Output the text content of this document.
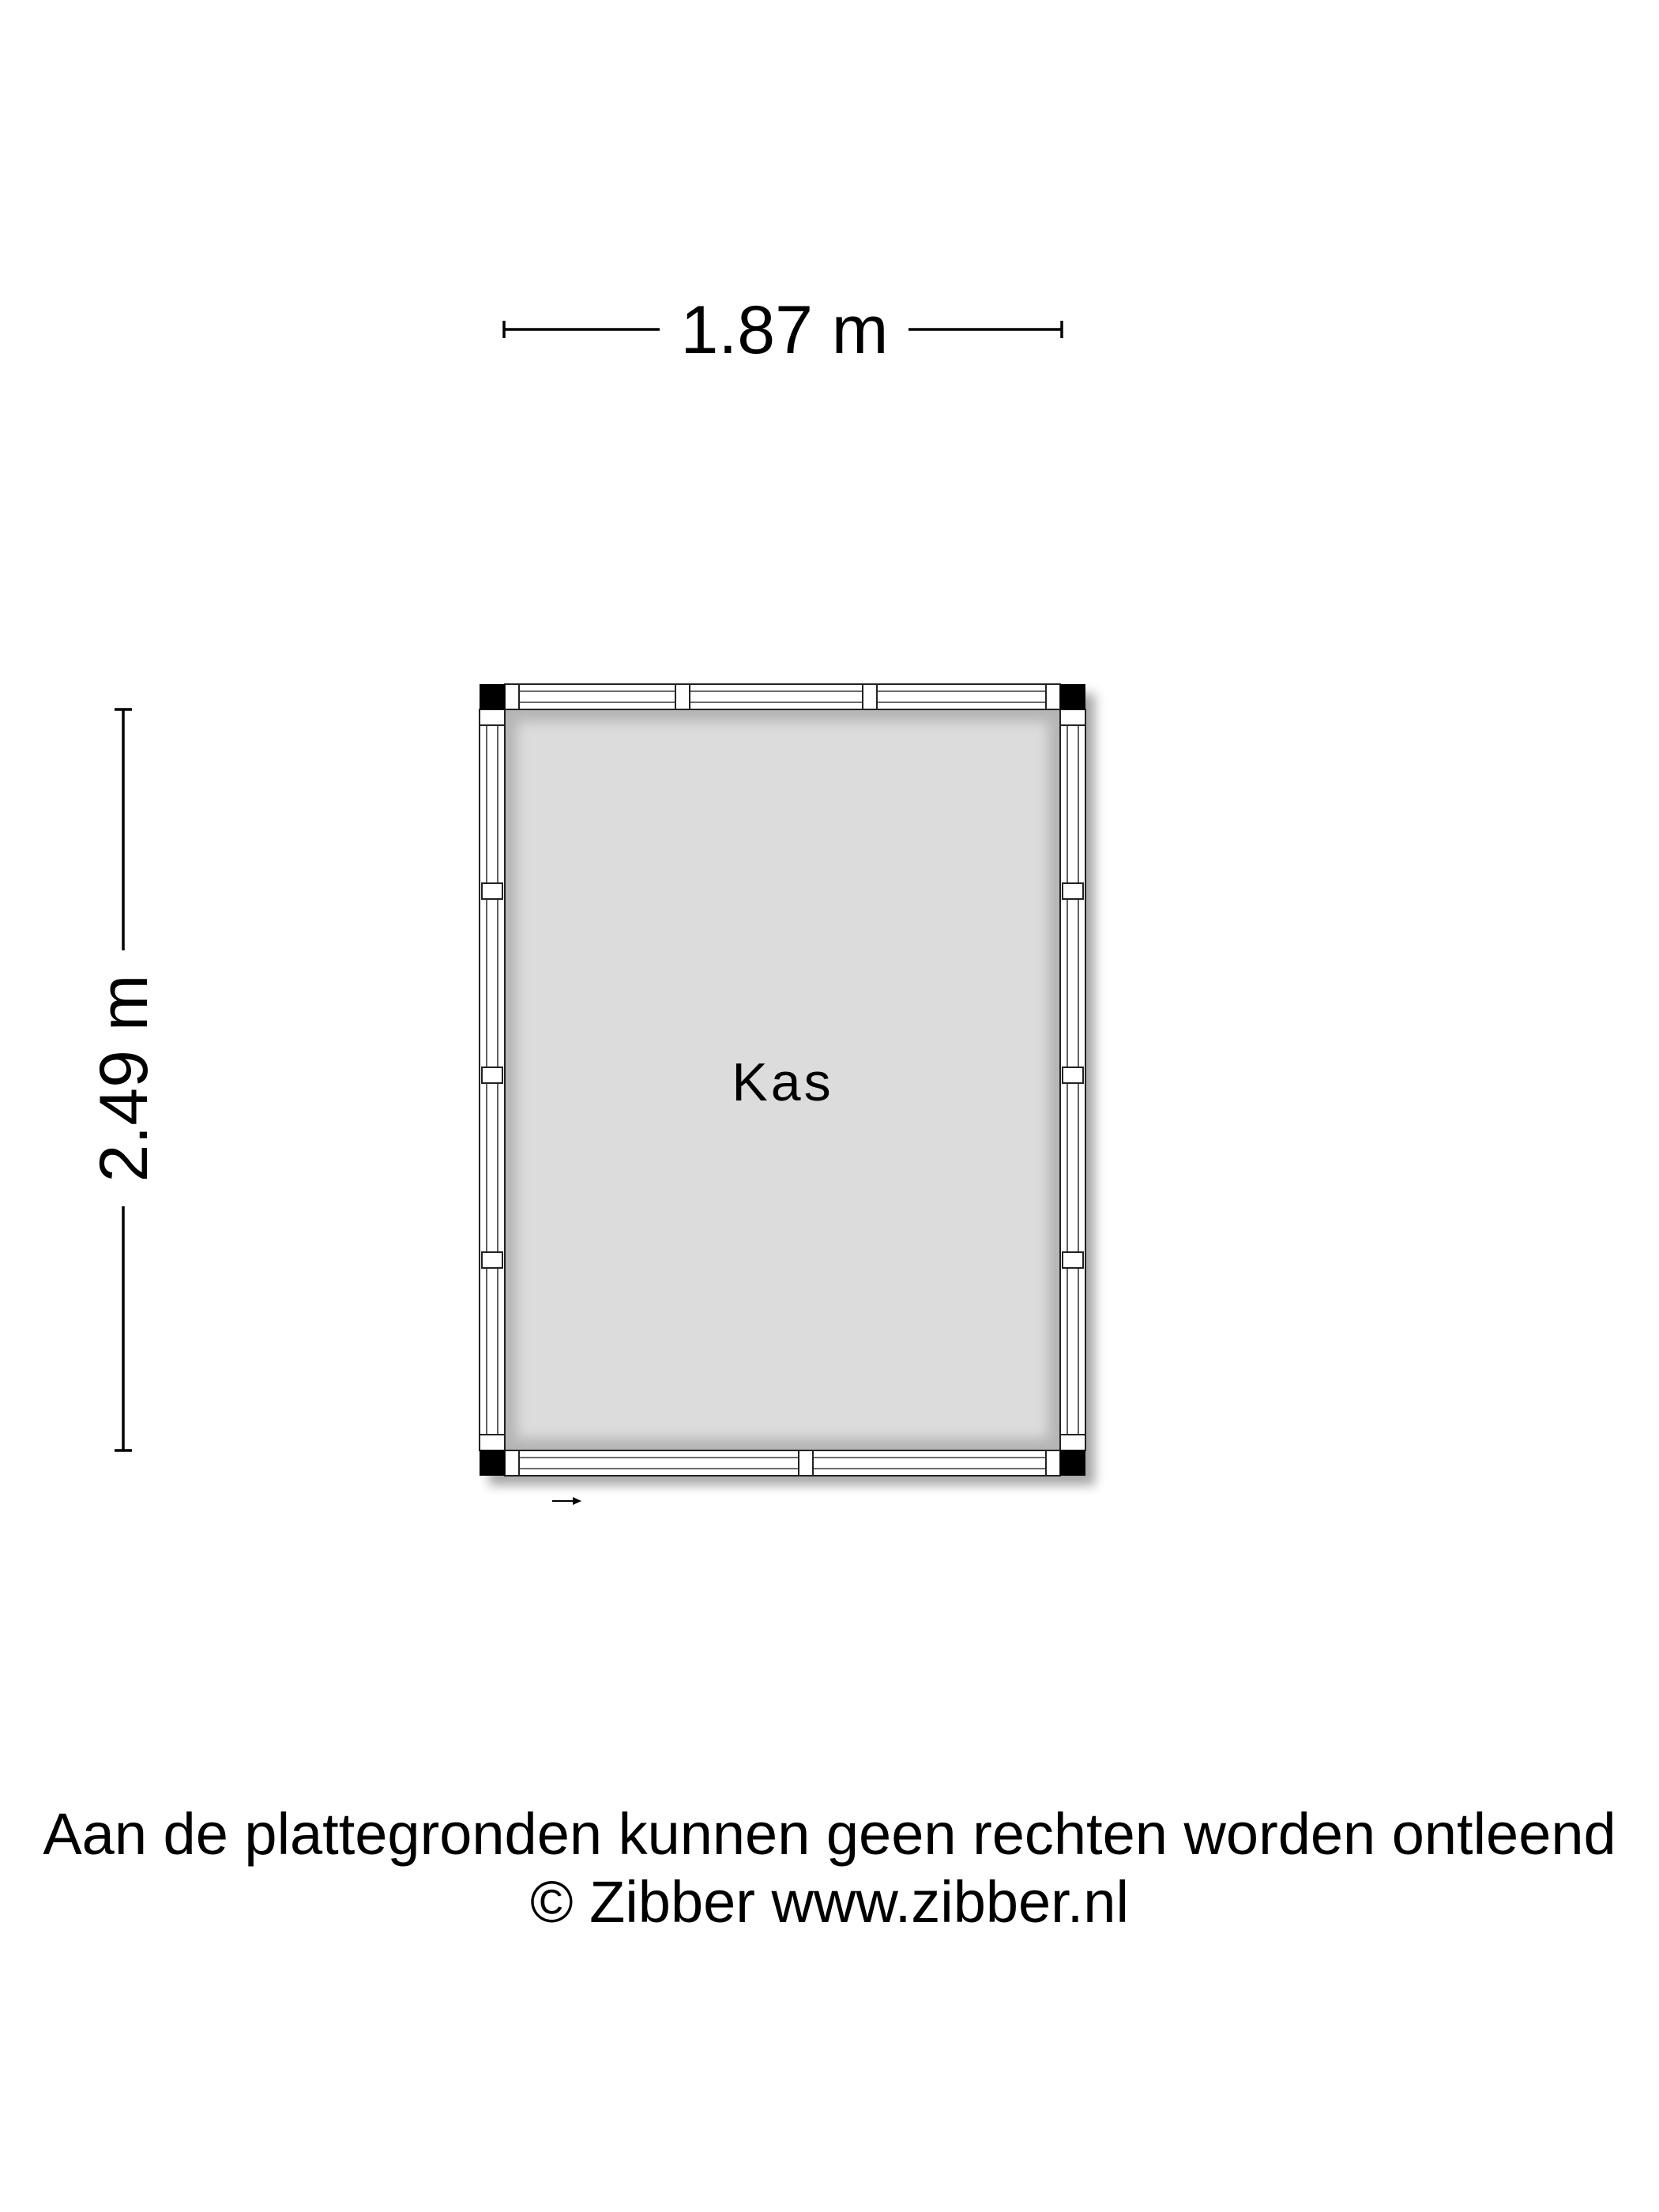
1.87 m
2.49 m	Kas
Aan de plattegronden kunnen geen rechten worden ontleend
© Zibber www.zibber.nl
